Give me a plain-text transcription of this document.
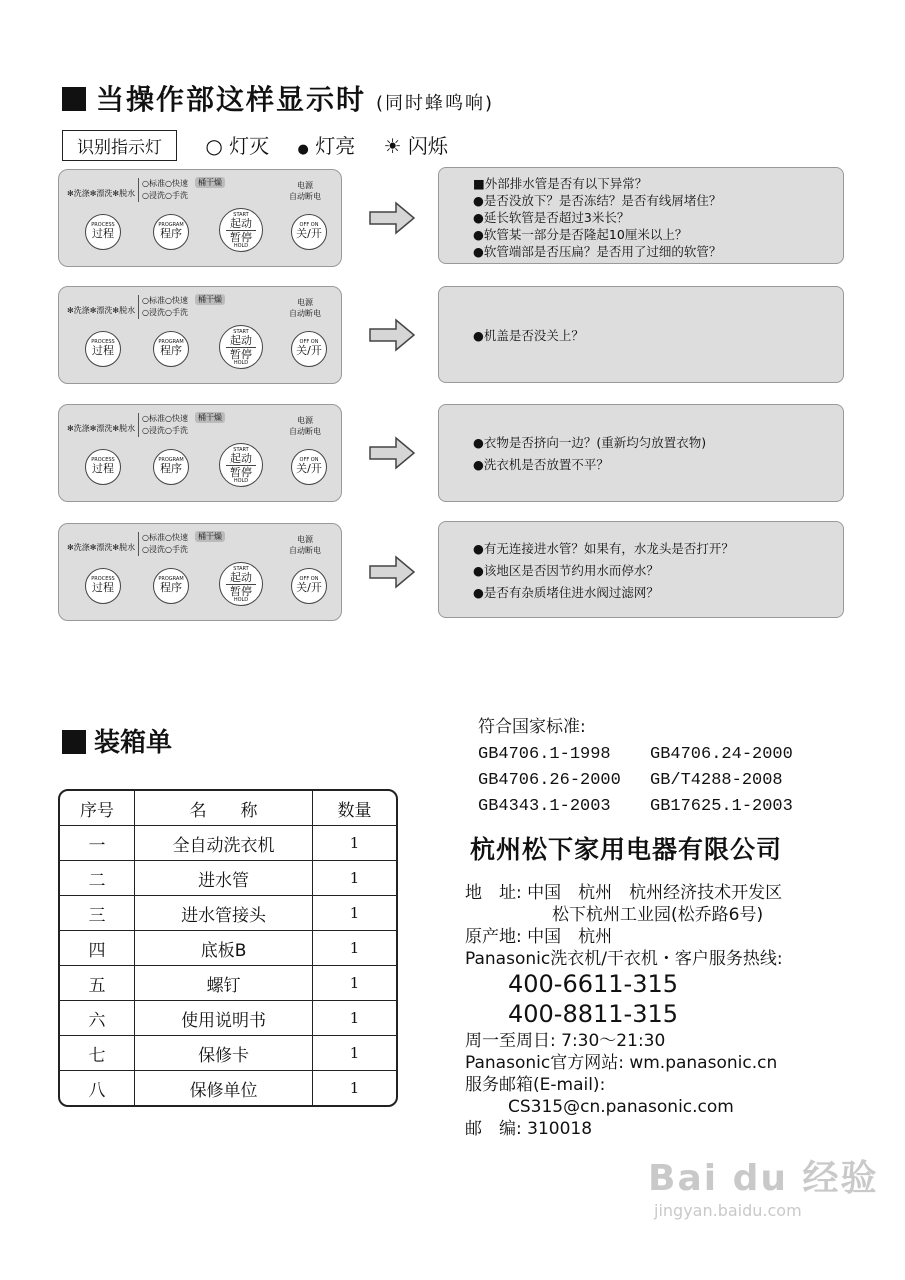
当操作部这样显示时 (同时蜂鸣响)
识别指示灯 ○ 灯灭 ● 灯亮 ☀ 闪烁
✻洗涤✻漂洗✻脱水
○标准○快速
○浸洗○手洗
桶干燥	电源
自动断电
PROCESS
过程
PROGRAM
程序
START
起动
暂停
HOLD
OFF ON
关/开
■外部排水管是否有以下异常？
●是否没放下？是否冻结？是否有线屑堵住？
●延长软管是否超过3米长？
●软管某一部分是否隆起10厘米以上？
●软管端部是否压扁？是否用了过细的软管？
✻洗涤✻漂洗✻脱水
○标准○快速
○浸洗○手洗
桶干燥	电源
自动断电
PROCESS
过程
PROGRAM
程序
START
起动
暂停
HOLD
OFF ON
关/开
●机盖是否没关上？
✻洗涤✻漂洗✻脱水
○标准○快速
○浸洗○手洗
桶干燥	电源
自动断电
PROCESS
过程
PROGRAM
程序
START
起动
暂停
HOLD
OFF ON
关/开
●衣物是否挤向一边？(重新均匀放置衣物)
●洗衣机是否放置不平？
✻洗涤✻漂洗✻脱水
○标准○快速
○浸洗○手洗
桶干燥	电源
自动断电
PROCESS
过程
PROGRAM
程序
START
起动
暂停
HOLD
OFF ON
关/开
●有无连接进水管？如果有，水龙头是否打开？
●该地区是否因节约用水而停水？
●是否有杂质堵住进水阀过滤网？
装箱单
序号	名　　称	数量
一	全自动洗衣机	1
二	进水管	1
三	进水管接头	1
四	底板B	1
五	螺钉	1
六	使用说明书	1
七	保修卡	1
八	保修单位	1
符合国家标准:
GB4706.1-1998 GB4706.24-2000
GB4706.26-2000 GB/T4288-2008
GB4343.1-2003 GB17625.1-2003
杭州松下家用电器有限公司
地　址: 中国　杭州　杭州经济技术开发区
松下杭州工业园(松乔路6号)
原产地: 中国　杭州
Panasonic洗衣机/干衣机・客户服务热线:
400-6611-315
400-8811-315
周一至周日: 7:30～21:30
Panasonic官方网站: wm.panasonic.cn
服务邮箱(E-mail):
CS315@cn.panasonic.com
邮　编: 310018
Bai du 经验
jingyan.baidu.com
